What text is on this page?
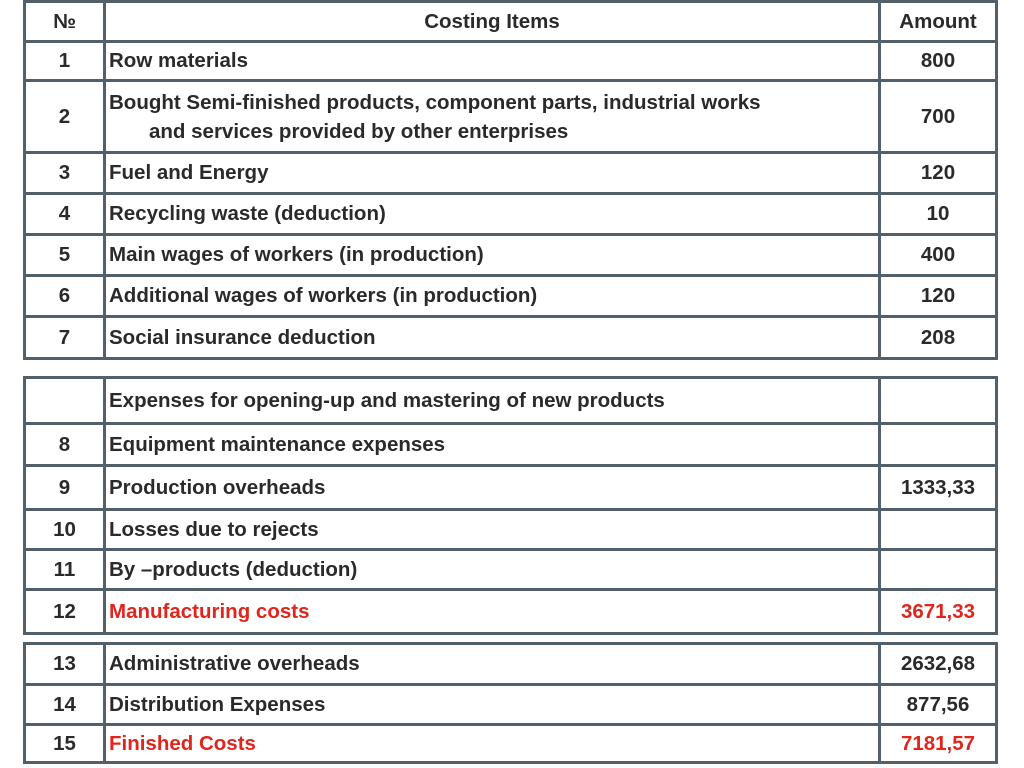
№	Costing Items	Amount
1	Row materials	800
2	Bought Semi-finished products, component parts, industrial works
and services provided by other enterprises	700
3	Fuel and Energy	120
4	Recycling waste (deduction)	10
5	Main wages of workers (in production)	400
6	Additional wages of workers (in production)	120
7	Social insurance deduction	208
	Expenses for opening-up and mastering of new products	
8	Equipment maintenance expenses	
9	Production overheads	1333,33
10	Losses due to rejects	
11	By –products (deduction)	
12	Manufacturing costs	3671,33
13	Administrative overheads	2632,68
14	Distribution Expenses	877,56
15	Finished Costs	7181,57
